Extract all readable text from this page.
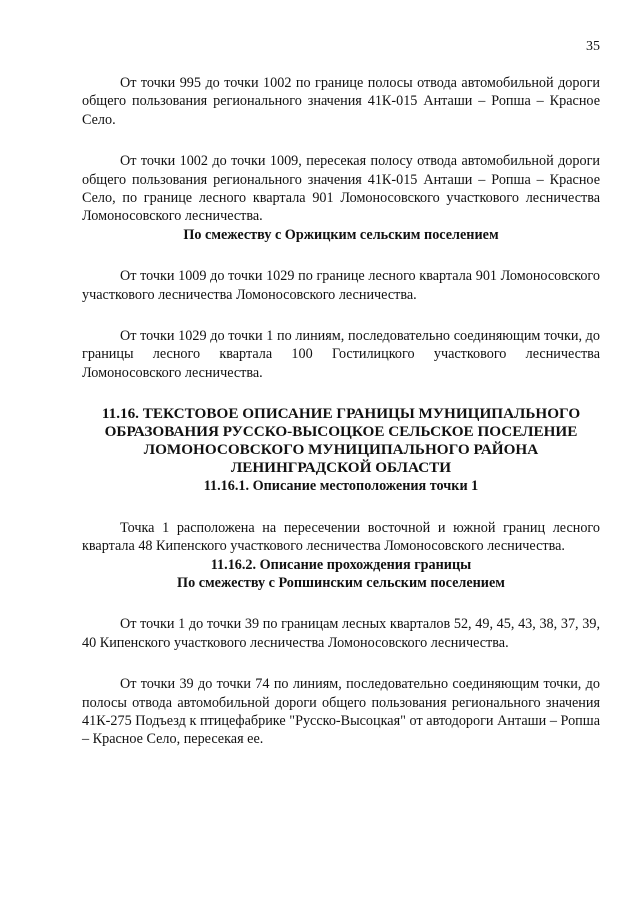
35

От точки 995 до точки 1002 по границе полосы отвода автомобильной дороги общего пользования регионального значения 41К-015 Анташи – Ропша – Красное Село.

От точки 1002 до точки 1009, пересекая полосу отвода автомобильной дороги общего пользования регионального значения 41К-015 Анташи – Ропша – Красное Село, по границе лесного квартала 901 Ломоносовского участкового лесничества Ломоносовского лесничества.

По смежеству с Оржицким сельским поселением

От точки 1009 до точки 1029 по границе лесного квартала 901 Ломоносовского участкового лесничества Ломоносовского лесничества.

От точки 1029 до точки 1 по линиям, последовательно соединяющим точки, до границы лесного квартала 100 Гостилицкого участкового лесничества Ломоносовского лесничества.

11.16. ТЕКСТОВОЕ ОПИСАНИЕ ГРАНИЦЫ МУНИЦИПАЛЬНОГО ОБРАЗОВАНИЯ РУССКО-ВЫСОЦКОЕ СЕЛЬСКОЕ ПОСЕЛЕНИЕ ЛОМОНОСОВСКОГО МУНИЦИПАЛЬНОГО РАЙОНА ЛЕНИНГРАДСКОЙ ОБЛАСТИ
11.16.1. Описание местоположения точки 1

Точка 1 расположена на пересечении восточной и южной границ лесного квартала 48 Кипенского участкового лесничества Ломоносовского лесничества.

11.16.2. Описание прохождения границы
По смежеству с Ропшинским сельским поселением

От точки 1 до точки 39 по границам лесных кварталов 52, 49, 45, 43, 38, 37, 39, 40 Кипенского участкового лесничества Ломоносовского лесничества.

От точки 39 до точки 74 по линиям, последовательно соединяющим точки, до полосы отвода автомобильной дороги общего пользования регионального значения 41К-275 Подъезд к птицефабрике "Русско-Высоцкая" от автодороги Анташи – Ропша – Красное Село, пересекая ее.
